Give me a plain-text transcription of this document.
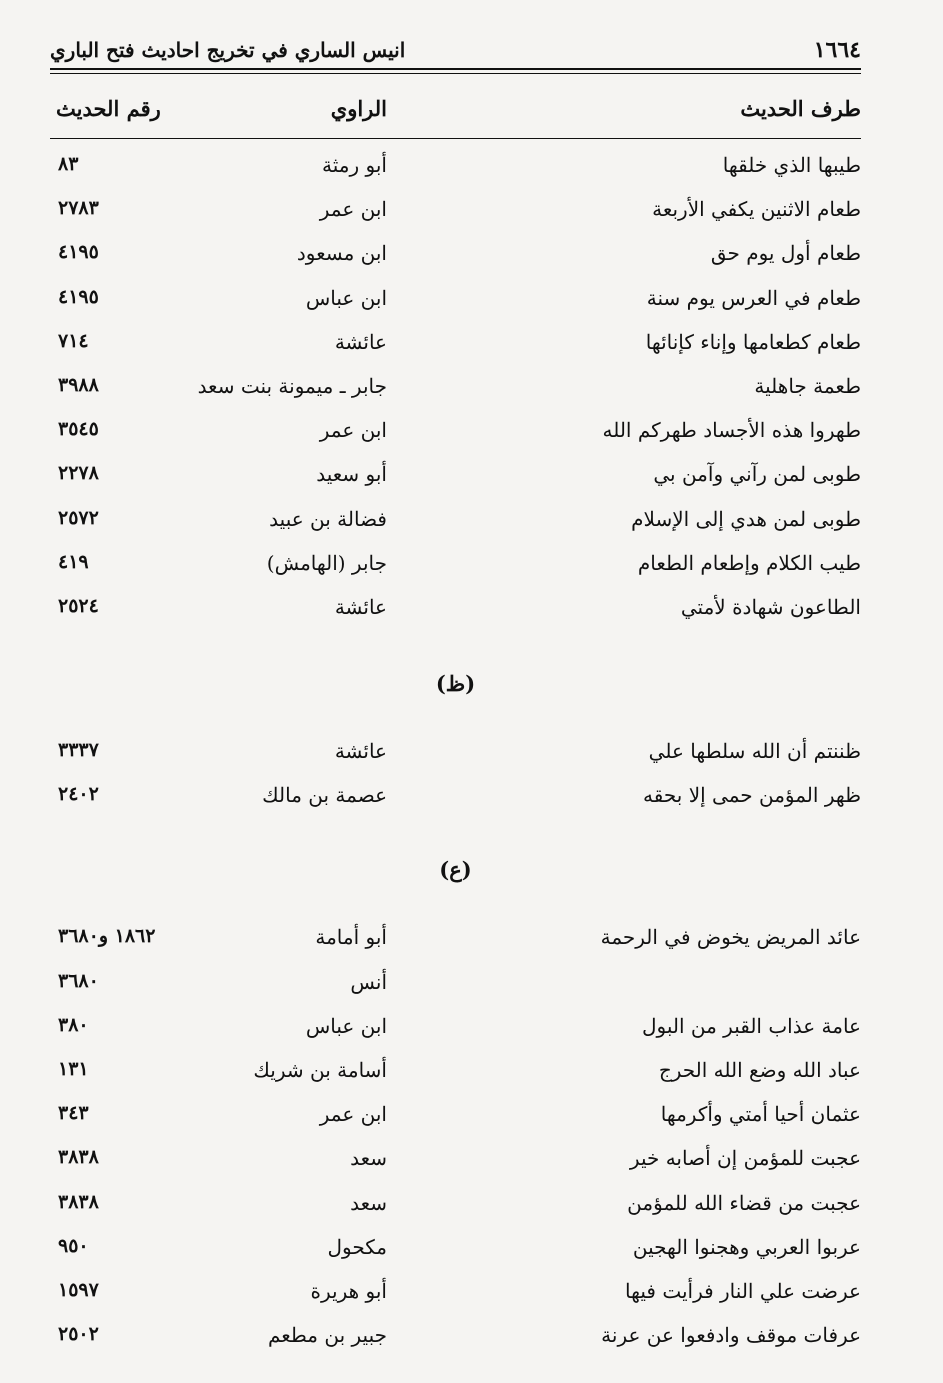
انيس الساري في تخريج احاديث فتح الباري	١٦٦٤
طرف الحديث
الراوي
رقم الحديث
طيبها الذي خلقها
أبو رمثة
٨٣
طعام الاثنين يكفي الأربعة
ابن عمر
٢٧٨٣
طعام أول يوم حق
ابن مسعود
٤١٩٥
طعام في العرس يوم سنة
ابن عباس
٤١٩٥
طعام كطعامها وإناء كإنائها
عائشة
٧١٤
طعمة جاهلية
جابر ـ ميمونة بنت سعد
٣٩٨٨
طهروا هذه الأجساد طهركم الله
ابن عمر
٣٥٤٥
طوبى لمن رآني وآمن بي
أبو سعيد
٢٢٧٨
طوبى لمن هدي إلى الإسلام
فضالة بن عبيد
٢٥٧٢
طيب الكلام وإطعام الطعام
جابر (الهامش)
٤١٩
الطاعون شهادة لأمتي
عائشة
٢٥٢٤
(ظ)
ظننتم أن الله سلطها علي
عائشة
٣٣٣٧
ظهر المؤمن حمى إلا بحقه
عصمة بن مالك
٢٤٠٢
(ع)
عائد المريض يخوض في الرحمة
أبو أمامة
١٨٦٢ و٣٦٨٠
أنس
٣٦٨٠
عامة عذاب القبر من البول
ابن عباس
٣٨٠
عباد الله وضع الله الحرج
أسامة بن شريك
١٣١
عثمان أحيا أمتي وأكرمها
ابن عمر
٣٤٣
عجبت للمؤمن إن أصابه خير
سعد
٣٨٣٨
عجبت من قضاء الله للمؤمن
سعد
٣٨٣٨
عربوا العربي وهجنوا الهجين
مكحول
٩٥٠
عرضت علي النار فرأيت فيها
أبو هريرة
١٥٩٧
عرفات موقف وادفعوا عن عرنة
جبير بن مطعم
٢٥٠٢
